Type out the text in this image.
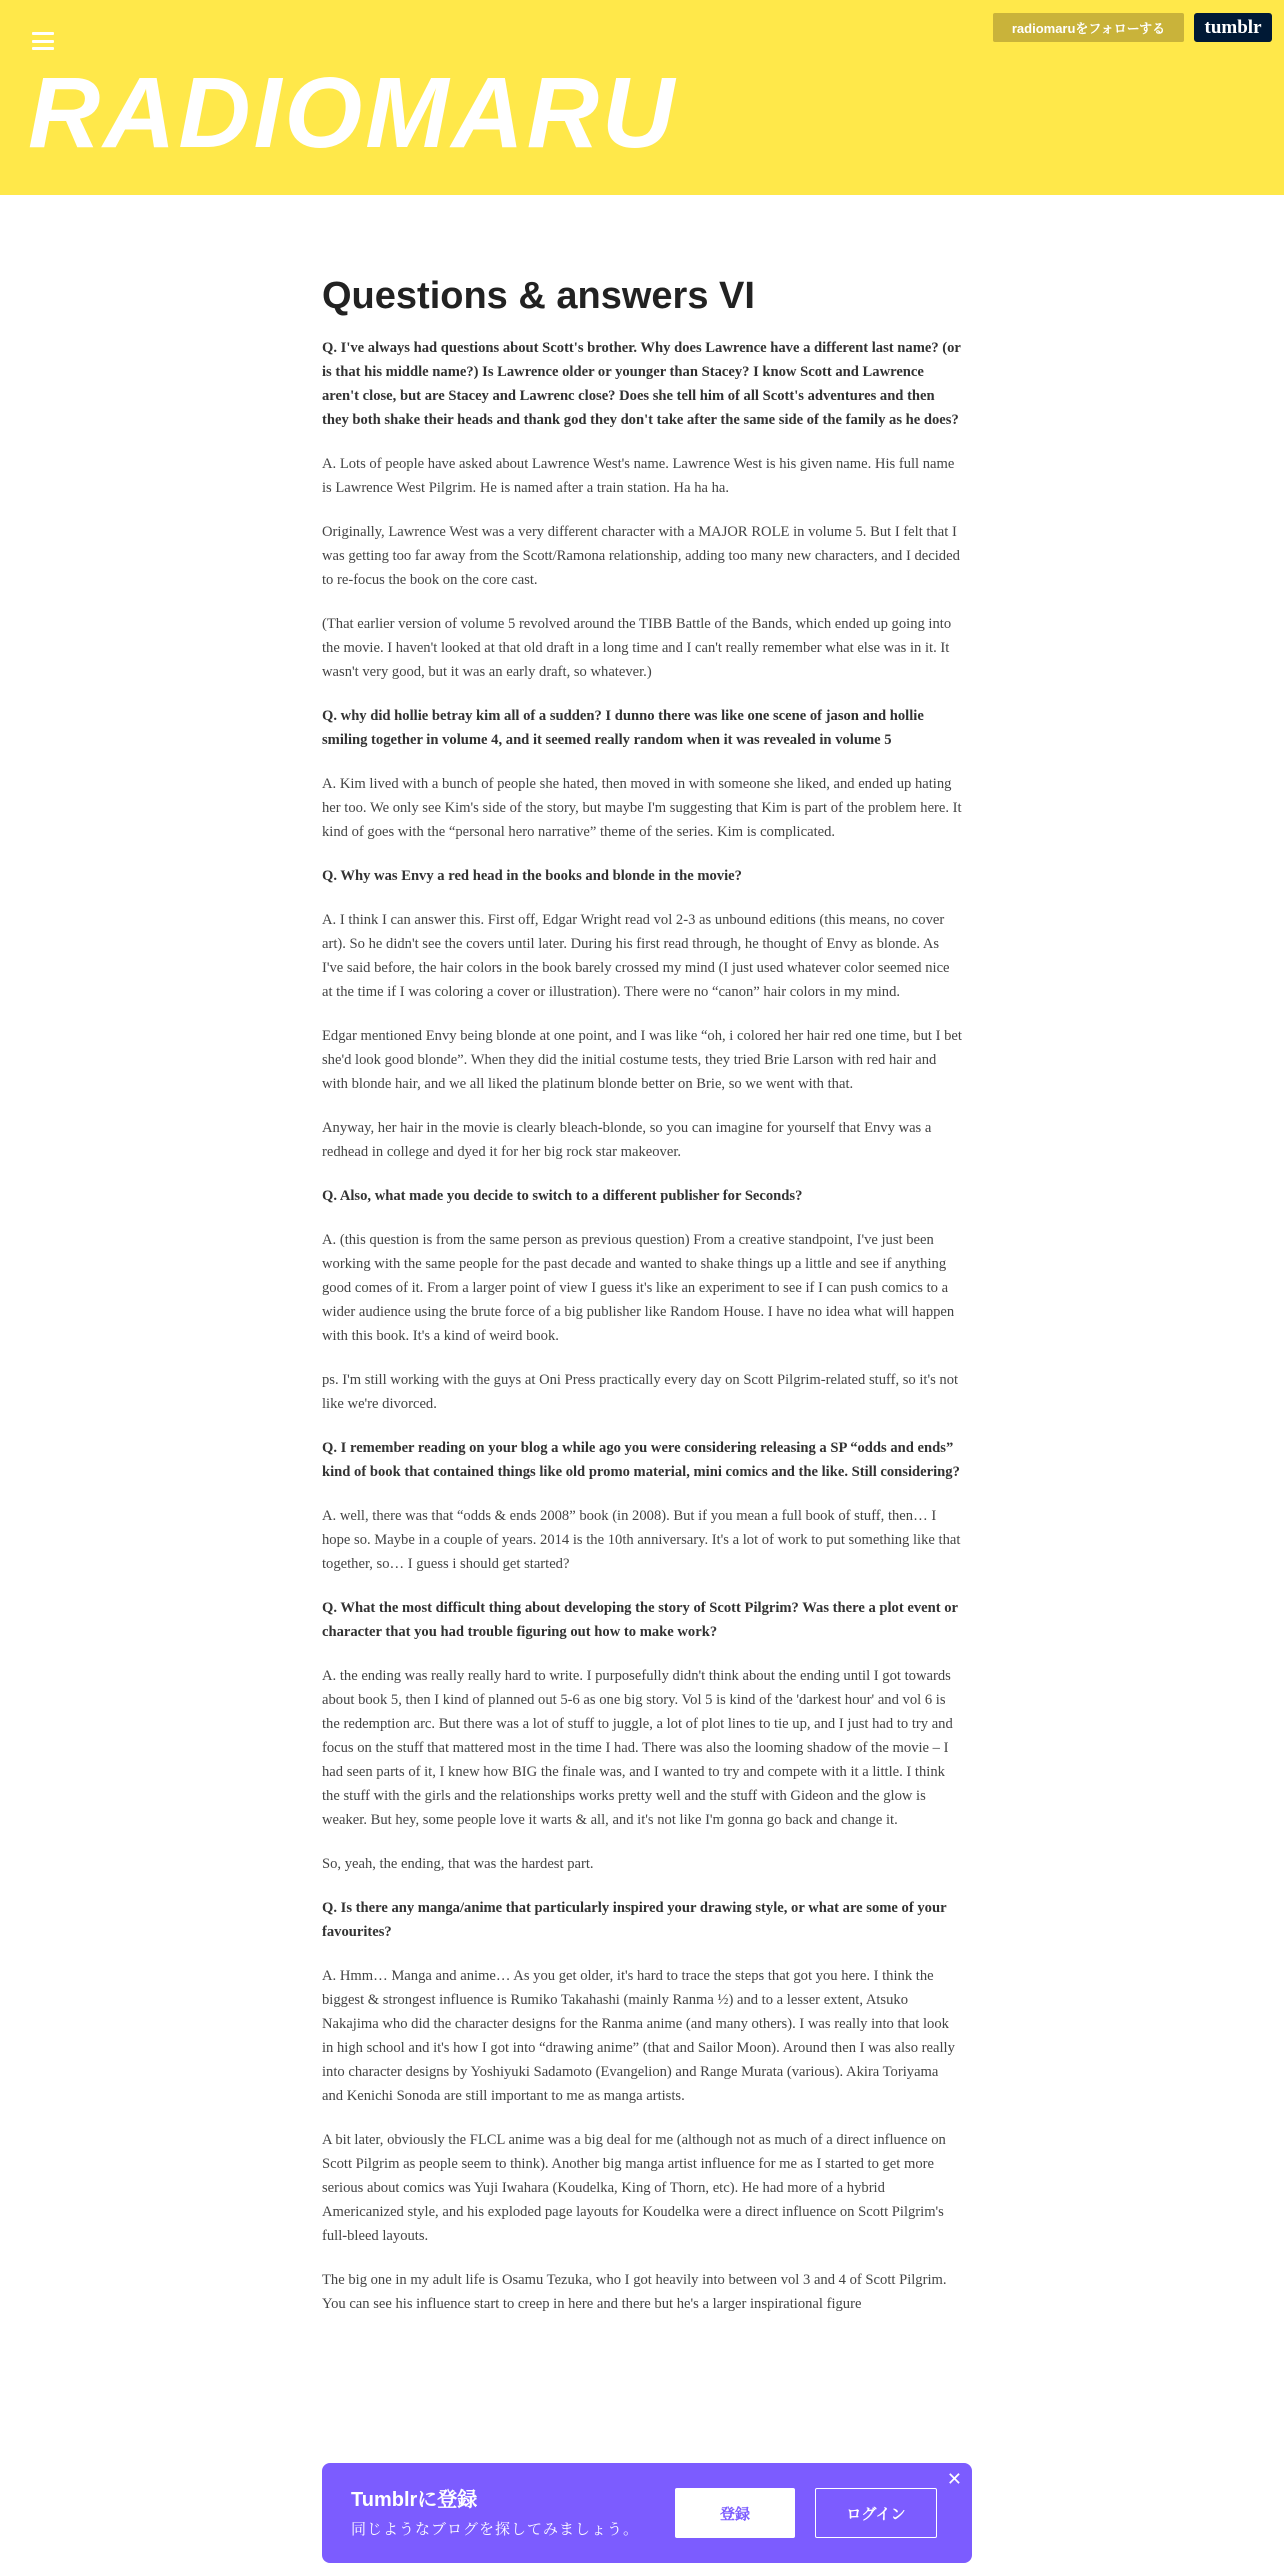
radiomaruをフォローする	tumblr
RADIOMARU
Questions & answers VI

Q. I've always had questions about Scott's brother. Why does Lawrence have a different last name? (or is that his middle name?) Is Lawrence older or younger than Stacey? I know Scott and Lawrence aren't close, but are Stacey and Lawrenc close? Does she tell him of all Scott's adventures and then they both shake their heads and thank god they don't take after the same side of the family as he does?

A. Lots of people have asked about Lawrence West's name. Lawrence West is his given name. His full name is Lawrence West Pilgrim. He is named after a train station. Ha ha ha.

Originally, Lawrence West was a very different character with a MAJOR ROLE in volume 5. But I felt that I was getting too far away from the Scott/Ramona relationship, adding too many new characters, and I decided to re-focus the book on the core cast.

(That earlier version of volume 5 revolved around the TIBB Battle of the Bands, which ended up going into the movie. I haven't looked at that old draft in a long time and I can't really remember what else was in it. It wasn't very good, but it was an early draft, so whatever.)

Q. why did hollie betray kim all of a sudden? I dunno there was like one scene of jason and hollie smiling together in volume 4, and it seemed really random when it was revealed in volume 5

A. Kim lived with a bunch of people she hated, then moved in with someone she liked, and ended up hating her too. We only see Kim's side of the story, but maybe I'm suggesting that Kim is part of the problem here. It kind of goes with the “personal hero narrative” theme of the series. Kim is complicated.

Q. Why was Envy a red head in the books and blonde in the movie?

A. I think I can answer this. First off, Edgar Wright read vol 2-3 as unbound editions (this means, no cover art). So he didn't see the covers until later. During his first read through, he thought of Envy as blonde. As I've said before, the hair colors in the book barely crossed my mind (I just used whatever color seemed nice at the time if I was coloring a cover or illustration). There were no “canon” hair colors in my mind.

Edgar mentioned Envy being blonde at one point, and I was like “oh, i colored her hair red one time, but I bet she'd look good blonde”. When they did the initial costume tests, they tried Brie Larson with red hair and with blonde hair, and we all liked the platinum blonde better on Brie, so we went with that.

Anyway, her hair in the movie is clearly bleach-blonde, so you can imagine for yourself that Envy was a redhead in college and dyed it for her big rock star makeover.

Q. Also, what made you decide to switch to a different publisher for Seconds?

A. (this question is from the same person as previous question) From a creative standpoint, I've just been working with the same people for the past decade and wanted to shake things up a little and see if anything good comes of it. From a larger point of view I guess it's like an experiment to see if I can push comics to a wider audience using the brute force of a big publisher like Random House. I have no idea what will happen with this book. It's a kind of weird book.

ps. I'm still working with the guys at Oni Press practically every day on Scott Pilgrim-related stuff, so it's not like we're divorced.

Q. I remember reading on your blog a while ago you were considering releasing a SP “odds and ends” kind of book that contained things like old promo material, mini comics and the like. Still considering?

A. well, there was that “odds & ends 2008” book (in 2008). But if you mean a full book of stuff, then… I hope so. Maybe in a couple of years. 2014 is the 10th anniversary. It's a lot of work to put something like that together, so… I guess i should get started?

Q. What the most difficult thing about developing the story of Scott Pilgrim? Was there a plot event or character that you had trouble figuring out how to make work?

A. the ending was really really hard to write. I purposefully didn't think about the ending until I got towards about book 5, then I kind of planned out 5-6 as one big story. Vol 5 is kind of the 'darkest hour' and vol 6 is the redemption arc. But there was a lot of stuff to juggle, a lot of plot lines to tie up, and I just had to try and focus on the stuff that mattered most in the time I had. There was also the looming shadow of the movie – I had seen parts of it, I knew how BIG the finale was, and I wanted to try and compete with it a little. I think the stuff with the girls and the relationships works pretty well and the stuff with Gideon and the glow is weaker. But hey, some people love it warts & all, and it's not like I'm gonna go back and change it.

So, yeah, the ending, that was the hardest part.

Q. Is there any manga/anime that particularly inspired your drawing style, or what are some of your favourites?

A. Hmm… Manga and anime… As you get older, it's hard to trace the steps that got you here. I think the biggest & strongest influence is Rumiko Takahashi (mainly Ranma ½) and to a lesser extent, Atsuko Nakajima who did the character designs for the Ranma anime (and many others). I was really into that look in high school and it's how I got into “drawing anime” (that and Sailor Moon). Around then I was also really into character designs by Yoshiyuki Sadamoto (Evangelion) and Range Murata (various). Akira Toriyama and Kenichi Sonoda are still important to me as manga artists.

A bit later, obviously the FLCL anime was a big deal for me (although not as much of a direct influence on Scott Pilgrim as people seem to think). Another big manga artist influence for me as I started to get more serious about comics was Yuji Iwahara (Koudelka, King of Thorn, etc). He had more of a hybrid Americanized style, and his exploded page layouts for Koudelka were a direct influence on Scott Pilgrim's full-bleed layouts.

The big one in my adult life is Osamu Tezuka, who I got heavily into between vol 3 and 4 of Scott Pilgrim. You can see his influence start to creep in here and there but he's a larger inspirational figure

Tumblrに登録

同じようなブログを探してみましょう。

✕
登録	ログイン
